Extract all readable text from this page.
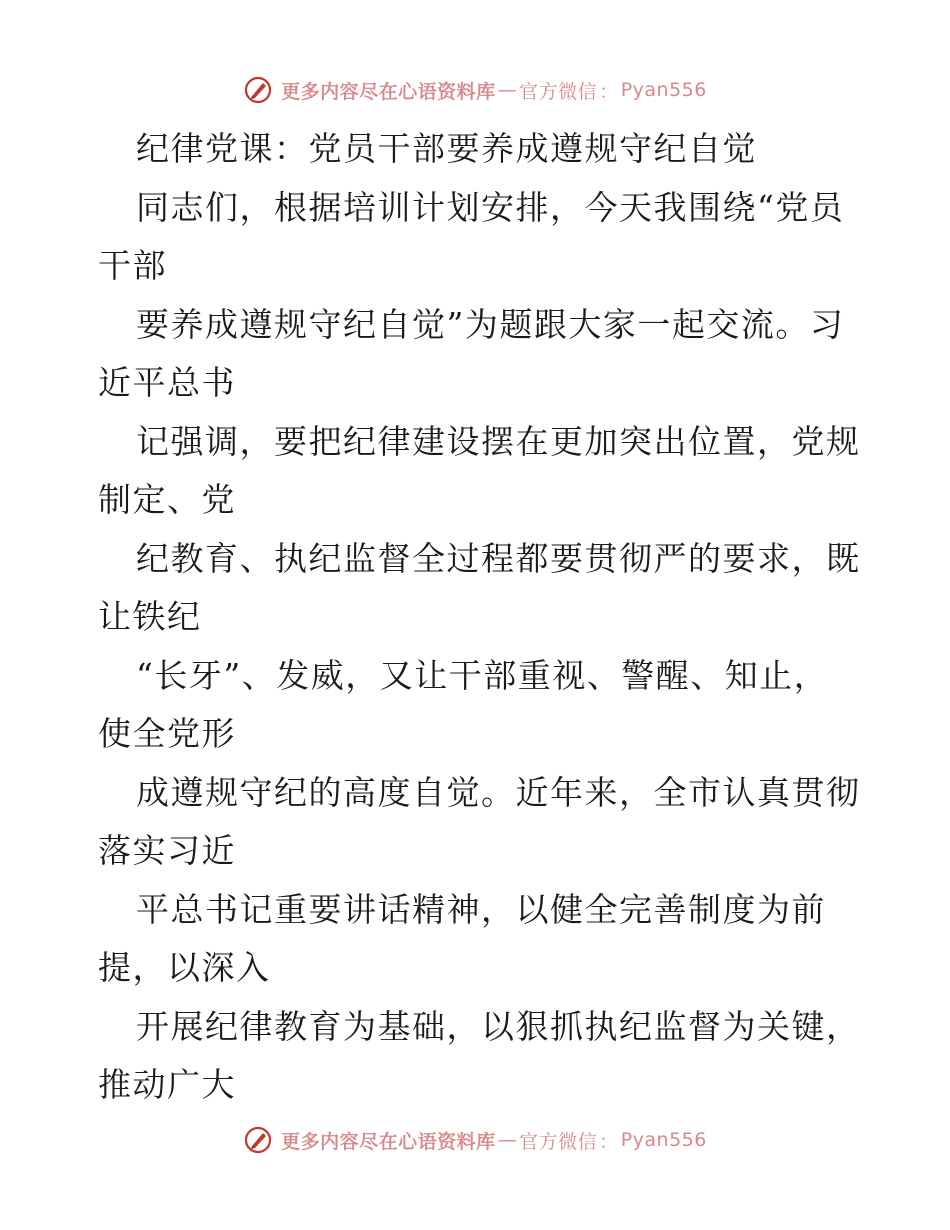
更多内容尽在心语资料库 — 官方微信 ： Pyan556
纪律党课：党员干部要养成遵规守纪自觉
同志们，根据培训计划安排，今天我围绕“党员
干部
要养成遵规守纪自觉”为题跟大家一起交流。习
近平总书
记强调，要把纪律建设摆在更加突出位置，党规
制定、党
纪教育、执纪监督全过程都要贯彻严的要求，既
让铁纪
“长牙”、发威，又让干部重视、警醒、知止，
使全党形
成遵规守纪的高度自觉。近年来，全市认真贯彻
落实习近
平总书记重要讲话精神，以健全完善制度为前
提，以深入
开展纪律教育为基础，以狠抓执纪监督为关键，
推动广大
更多内容尽在心语资料库 — 官方微信 ： Pyan556
